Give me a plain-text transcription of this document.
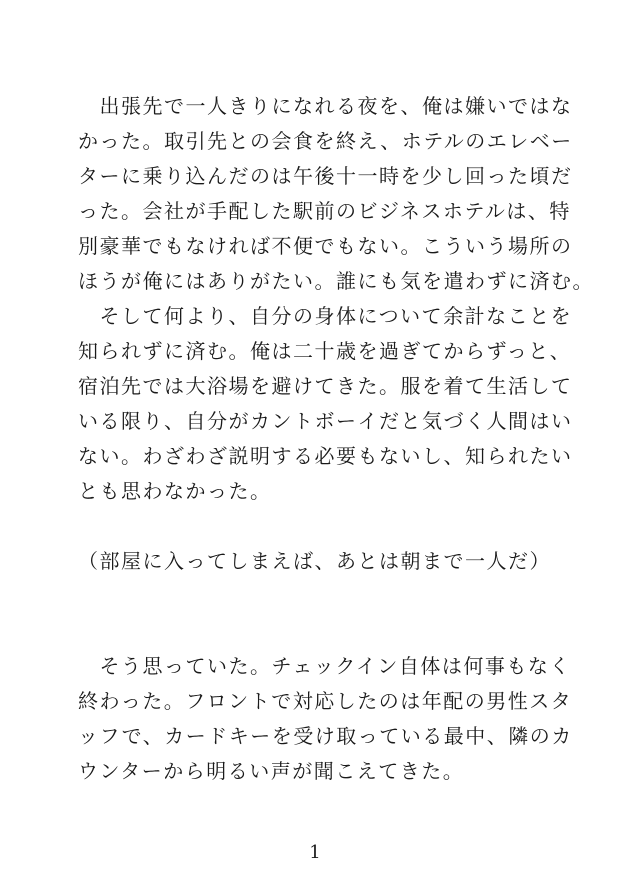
　出張先で一人きりになれる夜を、俺は嫌いではな
かった。取引先との会食を終え、ホテルのエレベー
ターに乗り込んだのは午後十一時を少し回った頃だ
った。会社が手配した駅前のビジネスホテルは、特
別豪華でもなければ不便でもない。こういう場所の
ほうが俺にはありがたい。誰にも気を遣わずに済む。
　そして何より、自分の身体について余計なことを
知られずに済む。俺は二十歳を過ぎてからずっと、
宿泊先では大浴場を避けてきた。服を着て生活して
いる限り、自分がカントボーイだと気づく人間はい
ない。わざわざ説明する必要もないし、知られたい
とも思わなかった。
（部屋に入ってしまえば、あとは朝まで一人だ）
　そう思っていた。チェックイン自体は何事もなく
終わった。フロントで対応したのは年配の男性スタ
ッフで、カードキーを受け取っている最中、隣のカ
ウンターから明るい声が聞こえてきた。
1
